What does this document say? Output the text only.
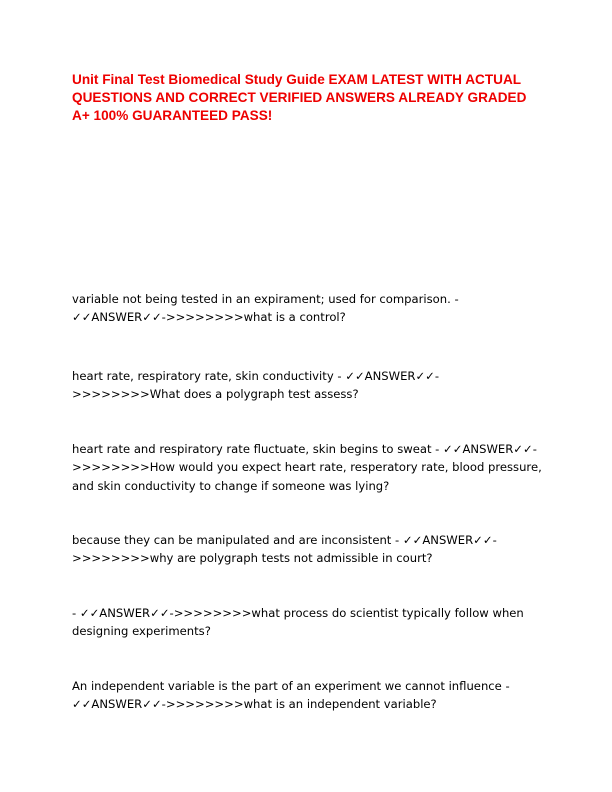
Unit Final Test Biomedical Study Guide EXAM LATEST WITH ACTUAL QUESTIONS AND CORRECT VERIFIED ANSWERS ALREADY GRADED A+ 100% GUARANTEED PASS!

variable not being tested in an expirament; used for comparison. - ✓✓ANSWER✓✓->>>>>>>>what is a control?

heart rate, respiratory rate, skin conductivity - ✓✓ANSWER✓✓->>>>>>>>What does a polygraph test assess?

heart rate and respiratory rate fluctuate, skin begins to sweat - ✓✓ANSWER✓✓->>>>>>>>How would you expect heart rate, resperatory rate, blood pressure, and skin conductivity to change if someone was lying?

because they can be manipulated and are inconsistent - ✓✓ANSWER✓✓->>>>>>>>why are polygraph tests not admissible in court?

- ✓✓ANSWER✓✓->>>>>>>>what process do scientist typically follow when designing experiments?

An independent variable is the part of an experiment we cannot influence - ✓✓ANSWER✓✓->>>>>>>>what is an independent variable?
